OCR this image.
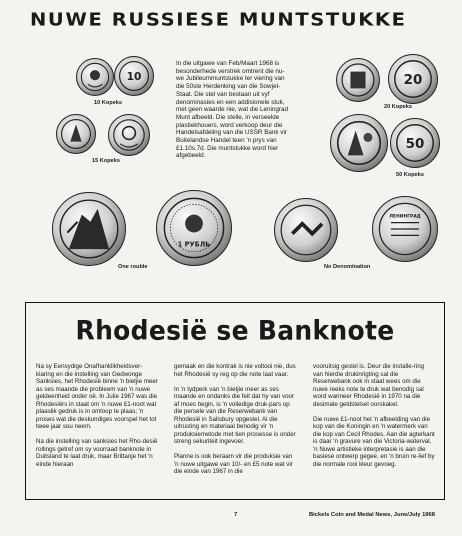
NUWE RUSSIESE MUNTSTUKKE
10
10 Kopeks
15 Kopeks
In die uitgawe van Feb/Maart 1968 is besonderhede verstrek omtrent die nu-we Jubileummuntstukke ter viering van die 50ste Herdenking van die Sowjet-Staat. Die stel van bestaan uit vyf denominasies en een addisionele stuk, met geen waarde nie, wat die Leningrad Munt afbeeld. Die stelle, in verseelde plastiekhouers, word verkoop deur die Handelsafdeling van die USSR Bank vir Buitelandse Handel teen 'n prys van £1.10s.7d. Die muntstukke word hier afgebeeld.
20
20 Kopeks
50
50 Kopeks
1 РУБЛЬ
One rouble
ЛЕНИНГРАД
No Denomination
Rhodesië se Banknote

Na sy Eensydige Onafhanklikheidsver-klaring en die instelling van Gedwonge Sanksies, het Rhodesië binne 'n bietjie meer as ses maande die probleem van 'n nuwe geldeenheid onder oë. In Julie 1967 was die Rhodesiërs in staat om 'n nuwe £1-noot wat plaaslik gedruk is in omloop te plaas; 'n proses wat die deskundiges voorspel het tot twee jaar sou neem.

Na die instelling van sanksies het Rho-desië rollings getref om sy voorraad banknote in Duitsland te laat druk, maar Brittanje het 'n einde hieraan

gemaak en die kontrak is nie voltooi nie, dus het Rhodesië sy reg op die note laat vaar.

In 'n tydperk van 'n bietjie meer as ses maande en ondanks die feit dat hy van voor af moes begin, is 'n volledige druk-pars op die persele van die Reserwebank van Rhodesië in Salisbury opgestel. Al die uitrusting en materiaal benodig vir 'n produksiemetode met tien prosesse is onder streng sekuriteit ingevoer.

Planne is ook beraam vir die produksie van 'n nuwe uitgawe van 10/- en £5 note wat vir die einde van 1967 in die

vooruitsig gestel is. Deur die installe-ring van hierdie drukinrigting sal die Reserwebank ook in staat wees om die nuwe reeks note te druk wat benodig sal word wanneer Rhodesië in 1970 na die desimale geldstelsel oorskakel.

Die nuwe £1-noot het 'n afbeelding van die kop van die Koningin en 'n watermerk van die kop van Cecil Rhodes. Aan die agterkant is daar 'n gravure van die Victoria-waterval, 'n Nuwe artistieke interpretasie is aan die basiese ontwerp gegee, en 'n bruin re-lief by die normale rooi kleur gevoeg.

7	Bickels Coin and Medal News, June/July 1968
